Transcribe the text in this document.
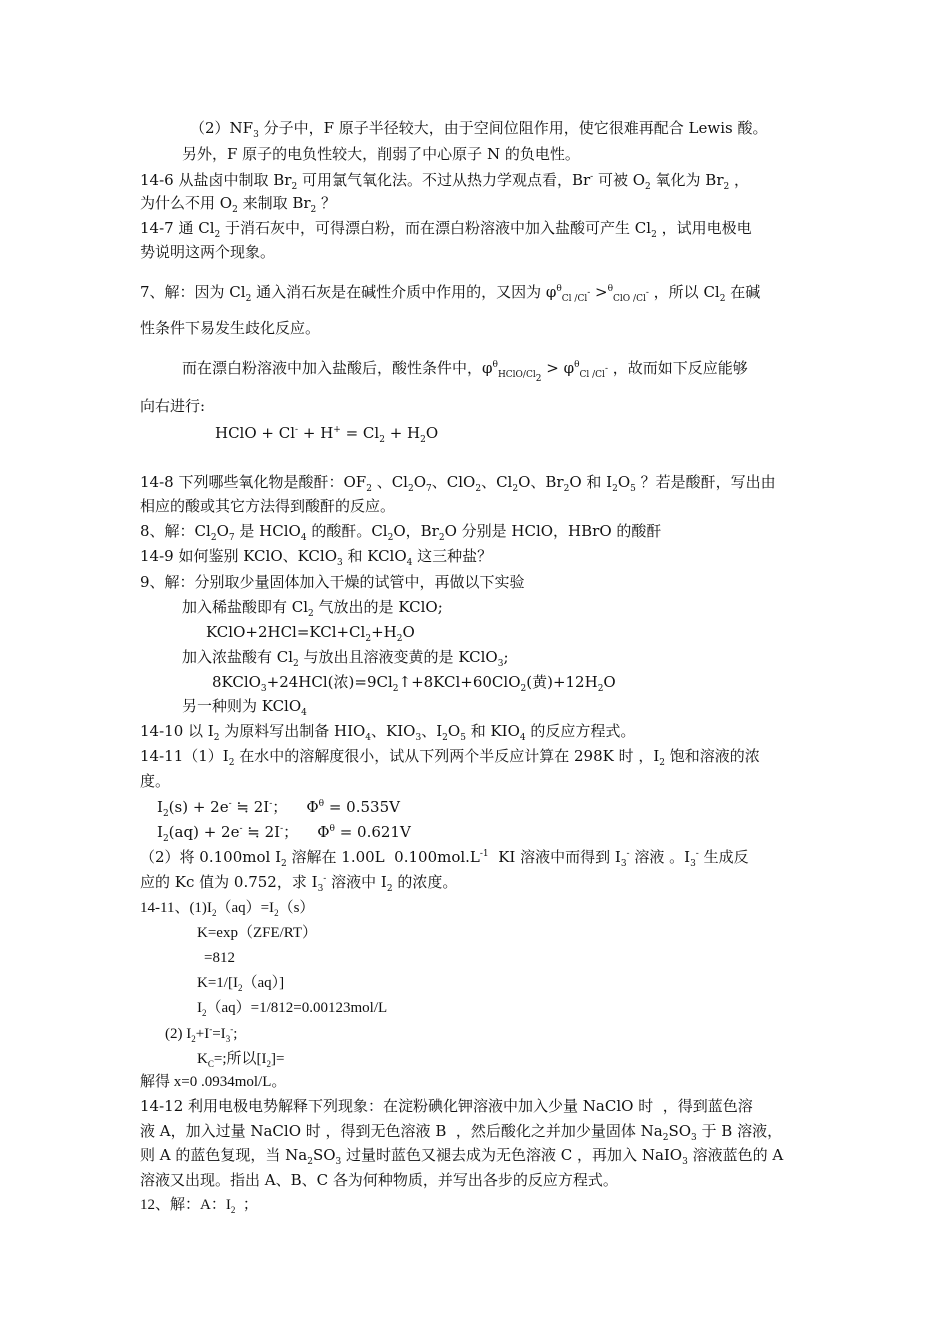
$(2)NF_3$ 分子中，F 原子半径较大，由于空间位阻作用，使它很难再配合 Lewis 酸。
另外，F 原子的电负性较大，削弱了中心原子 N 的负电性。
14-6 从盐卤中制取 $Br_2$ 可用氯气氧化法。不过从热力学观点看，Br- 可被 $O_2$ 氧化为 $Br_2$ ，
为什么不用 $O_2$ 来制取 $Br_2$ ？
14-7 通 $Cl_2$ 于消石灰中，可得漂白粉，而在漂白粉溶液中加入盐酸可产生 $Cl_2$ ，试用电极电
势说明这两个现象。
7、解：因为 $Cl_2$ 通入消石灰是在碱性介质中作用的，又因为 $\varphi^\theta_{Cl /Cl^-} >^\theta_{ClO /Cl^-}$ ，所以 $Cl_2$ 在碱
性条件下易发生歧化反应。
而在漂白粉溶液中加入盐酸后，酸性条件中，$\varphi^\theta_{HClO/Cl_2} > \varphi^\theta_{Cl /Cl^-}$ ，故而如下反应能够
向右进行:
HClO + $Cl^- + H^+ = Cl_2 + H_2O$
14-8 下列哪些氧化物是酸酐：$OF_2$ 、$Cl_2O_7$、ClO$_2$、$Cl_2O$、$Br_2O$ 和 $I_2O_5$ ？若是酸酐，写出由
相应的酸或其它方法得到酸酐的反应。
8、解：$Cl_2O_7$ 是 HClO$_4$ 的酸酐。$Cl_2O$，$Br_2O$ 分别是 HClO，HBrO 的酸酐
14-9 如何鉴别 KClO、KClO$_3$ 和 KClO$_4$ 这三种盐？
9、解：分别取少量固体加入干燥的试管中，再做以下实验
加入稀盐酸即有 $Cl_2$ 气放出的是 KClO;
$KClO+2HCl=KCl+Cl_2+H_2O$
加入浓盐酸有 $Cl_2$ 与放出且溶液变黄的是 KClO$_3$;
8KClO$_3$+24HCl(浓)$=9Cl_2↑+8KCl+60ClO_2$(黄)$+12H_2O$
另一种则为 KClO$_4$
14-10 以 $I_2$ 为原料写出制备 $HIO_4$、$KIO_3$、$I_2O_5$ 和 $KIO_4$ 的反应方程式。
$14-11(1)I_2$ 在水中的溶解度很小，试从下列两个半反应计算在 298K 时 ，$I_2$ 饱和溶液的浓
度。
$I_2(s) + 2e^-$ ≒ 2I-；    $\Phi^\theta = 0.535V$
$I_2(aq) + 2e^-$ ≒ 2I-；    $\Phi^\theta = 0.621V$
（2）将 0.100mol $I_2$ 溶解在 1.00L  $0.100mol.L^{-1}$  KI 溶液中而得到 $I_3^-$ 溶液 。$I_3^-$ 生成反
应的 Kc 值为 0.752，求 $I_3^-$ 溶液中 $I_2$ 的浓度。
14-11、$(1)I_2(aq)=I_2(s)$
K=exp（ZFE/RT）
=812
$K=1/[I_2(aq)]$
$I_2(aq)=1/812=0.00123mol/L$
(2) $I_2+I^-=I_3^-$;
$K_C=$;所以$[I_2]=$
解得 x=0 .0934mol/L。
14-12 利用电极电势解释下列现象：在淀粉碘化钾溶液中加入少量 NaClO 时  ，得到蓝色溶
液 A，加入过量 NaClO 时 ，得到无色溶液 B  ，然后酸化之并加少量固体 $Na_2SO_3$ 于 B 溶液，
则 A 的蓝色复现，当 $Na_2SO_3$ 过量时蓝色又褪去成为无色溶液 C ，再加入 NaIO$_3$ 溶液蓝色的 A
溶液又出现。指出 A、B、C 各为何种物质，并写出各步的反应方程式。
12、解：A：$I_2$  ；
